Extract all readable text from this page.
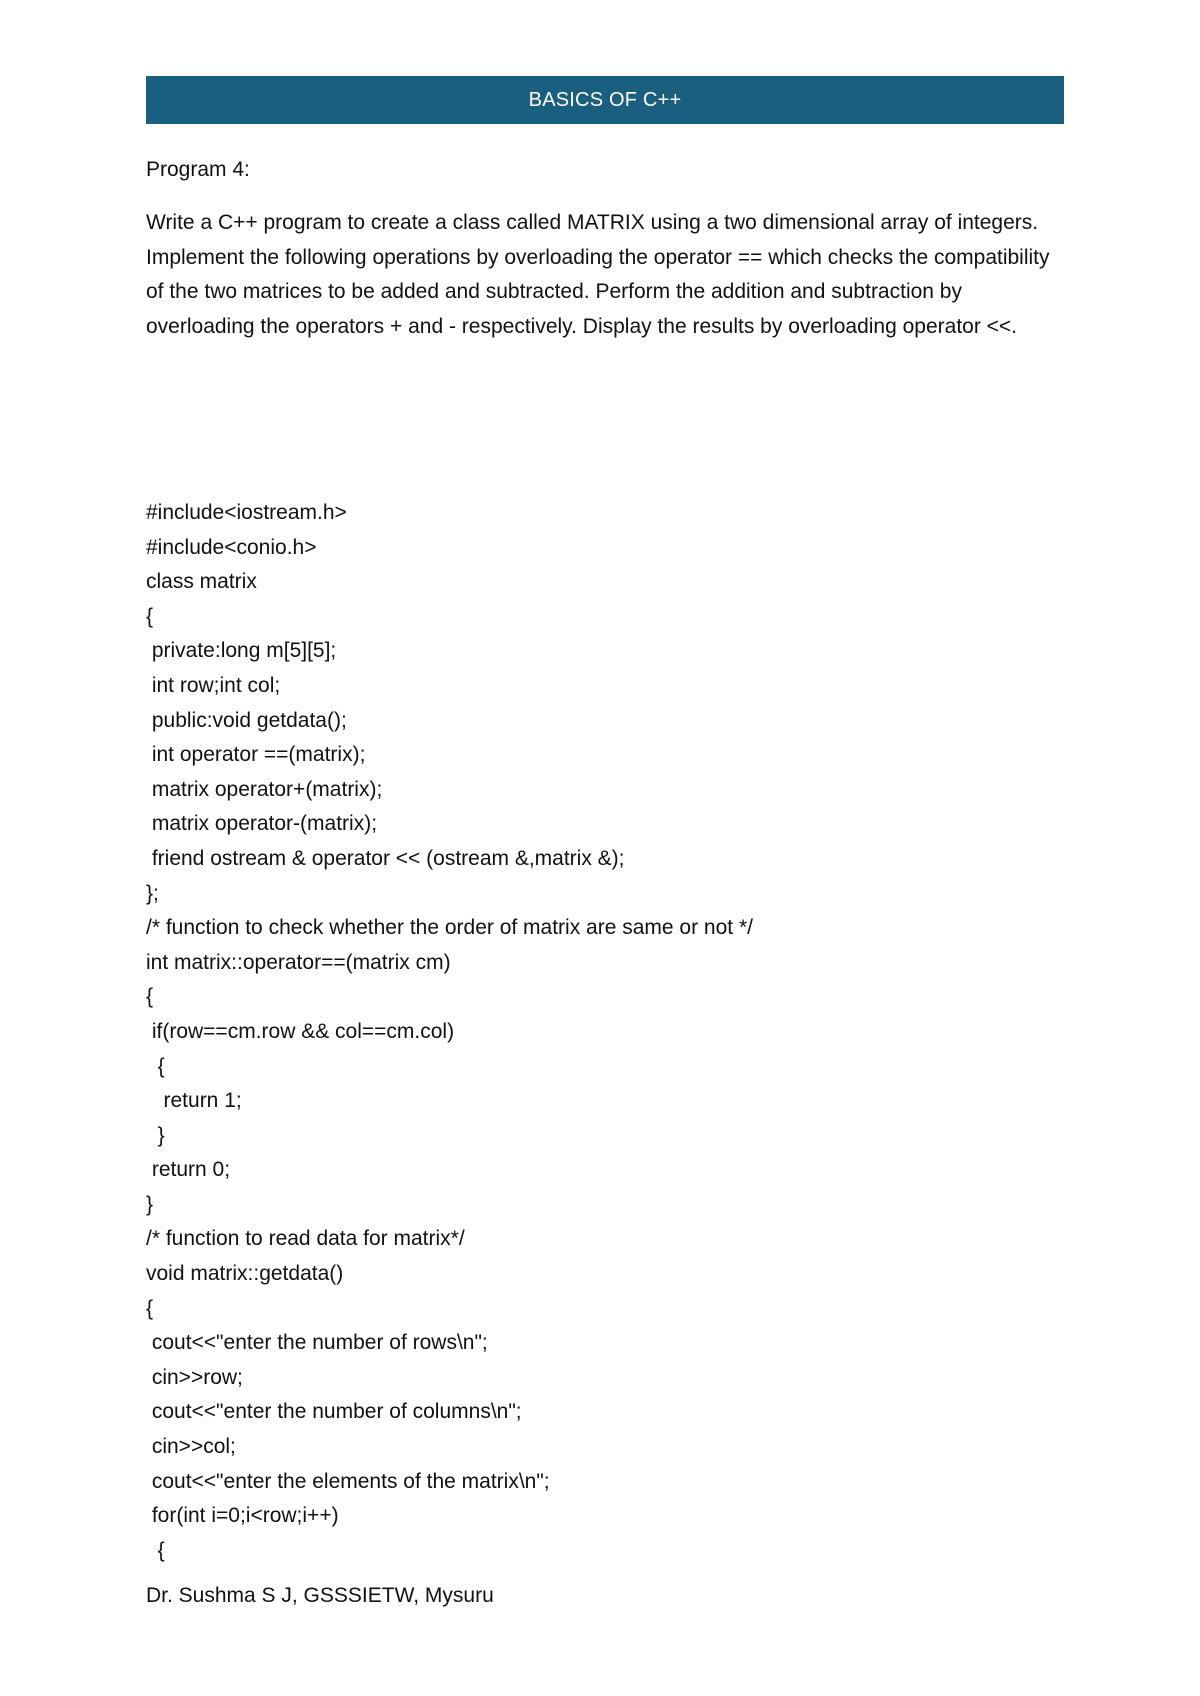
BASICS OF C++
Program 4:
Write a C++ program to create a class called MATRIX using a two dimensional array of integers. Implement the following operations by overloading the operator == which checks the compatibility of the two matrices to be added and subtracted. Perform the addition and subtraction by overloading the operators + and - respectively. Display the results by overloading operator <<.
#include<iostream.h>
#include<conio.h>
class matrix
{
private:long m[5][5];
int row;int col;
public:void getdata();
int operator ==(matrix);
matrix operator+(matrix);
matrix operator-(matrix);
friend ostream & operator << (ostream &,matrix &);
};
/* function to check whether the order of matrix are same or not */
int matrix::operator==(matrix cm)
{
if(row==cm.row && col==cm.col)
{
return 1;
}
return 0;
}
/* function to read data for matrix*/
void matrix::getdata()
{
cout<<"enter the number of rows\n";
cin>>row;
cout<<"enter the number of columns\n";
cin>>col;
cout<<"enter the elements of the matrix\n";
for(int i=0;i<row;i++)
{
Dr. Sushma S J, GSSSIETW, Mysuru
